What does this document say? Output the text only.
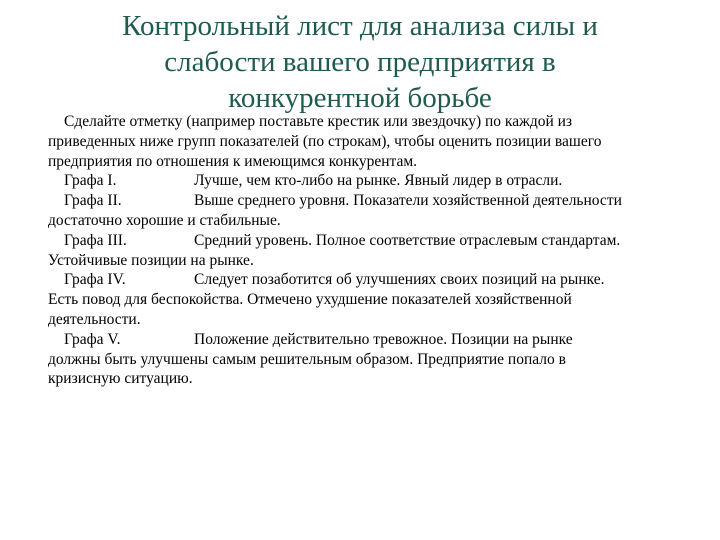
Контрольный лист для анализа силы и
слабости вашего предприятия в
конкурентной борьбе

Сделайте отметку (например поставьте крестик или звездочку) по каждой из
приведенных ниже групп показателей (по строкам), чтобы оценить позиции вашего
предприятия по отношения к имеющимся конкурентам.

Графа I.	Лучше, чем кто-либо на рынке. Явный лидер в отрасли.

Графа II.	Выше среднего уровня. Показатели хозяйственной деятельности
достаточно хорошие и стабильные.

Графа III.	Средний уровень. Полное соответствие отраслевым стандартам.
Устойчивые позиции на рынке.

Графа IV.	Следует позаботится об улучшениях своих позиций на рынке.
Есть повод для беспокойства. Отмечено ухудшение показателей хозяйственной
деятельности.

Графа V.	Положение действительно тревожное. Позиции на рынке
должны быть улучшены самым решительным образом. Предприятие попало в
кризисную ситуацию.
